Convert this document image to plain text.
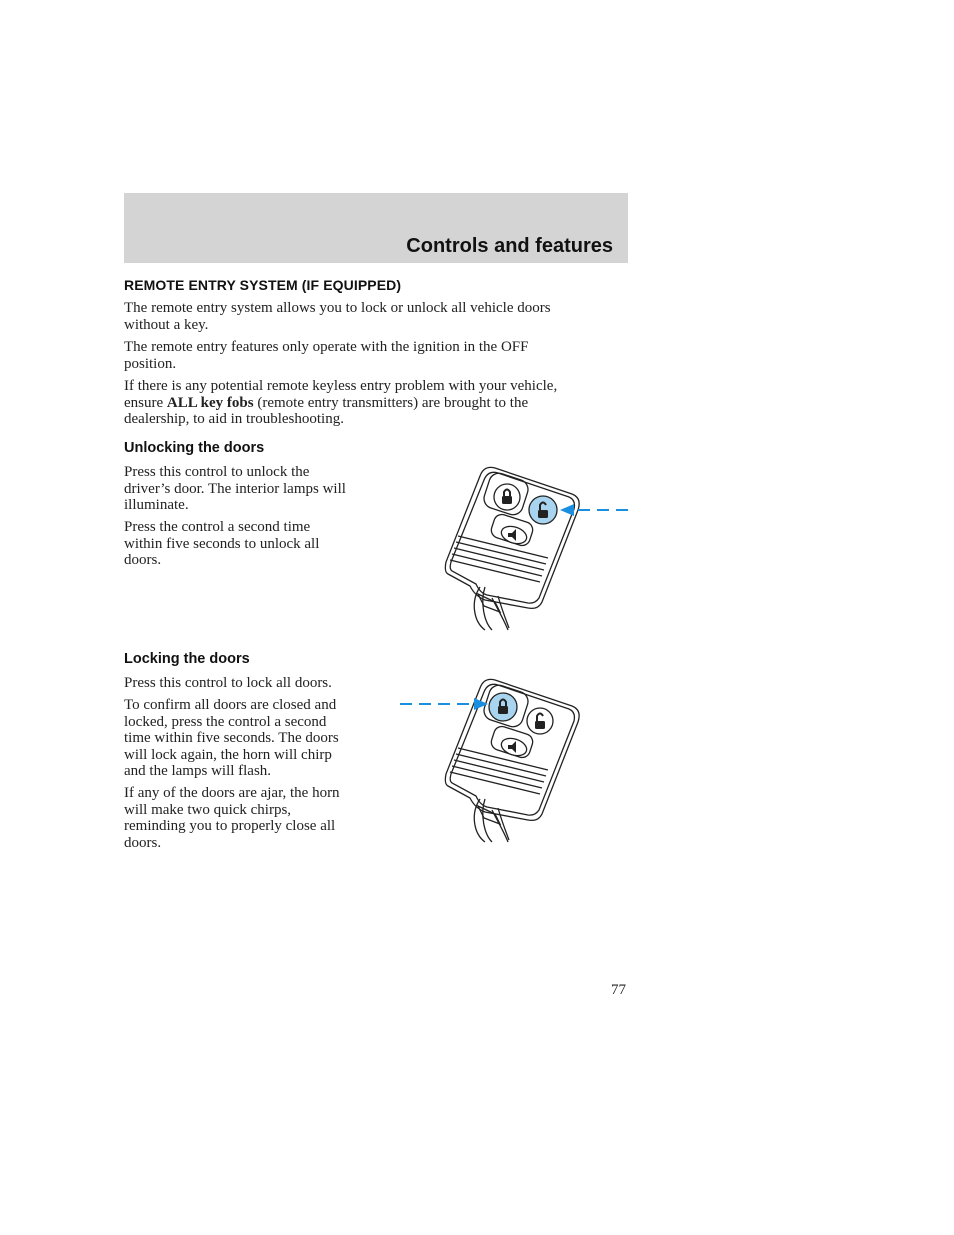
Controls and features
REMOTE ENTRY SYSTEM (IF EQUIPPED)
The remote entry system allows you to lock or unlock all vehicle doors
without a key.
The remote entry features only operate with the ignition in the OFF
position.
If there is any potential remote keyless entry problem with your vehicle,
ensure ALL key fobs (remote entry transmitters) are brought to the
dealership, to aid in troubleshooting.
Unlocking the doors
Press this control to unlock the
driver’s door. The interior lamps will
illuminate.
Press the control a second time
within five seconds to unlock all
doors.
Locking the doors
Press this control to lock all doors.
To confirm all doors are closed and
locked, press the control a second
time within five seconds. The doors
will lock again, the horn will chirp
and the lamps will flash.
If any of the doors are ajar, the horn
will make two quick chirps,
reminding you to properly close all
doors.
77
